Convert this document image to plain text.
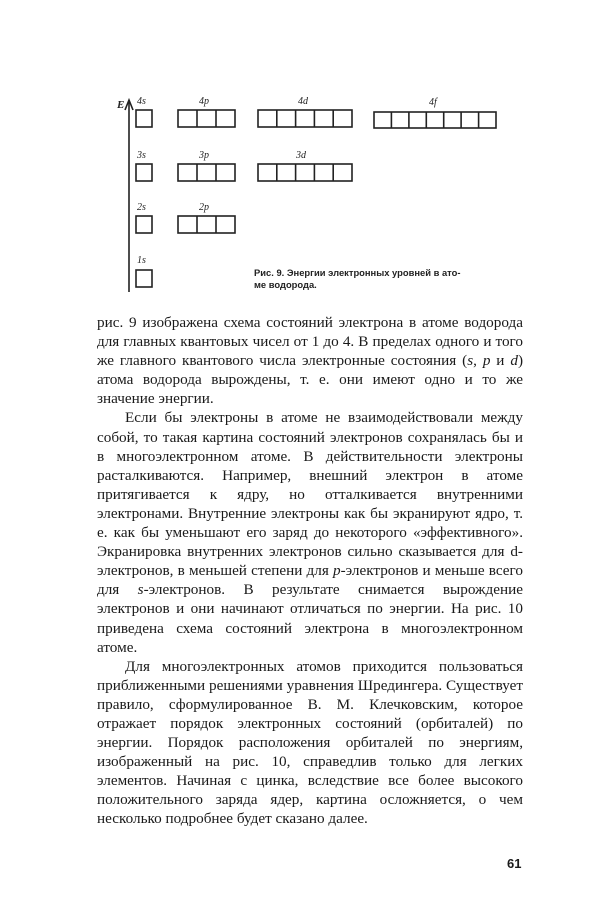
E 4s	4p	4d	4f
3s	3p	3d
2s	2p
1s
Рис. 9. Энергии электронных уровней в ато-
ме водорода.

рис. 9 изображена схема состояний электрона в атоме водорода для главных квантовых чисел от 1 до 4. В пределах одного и того же главного квантового числа электронные состояния (s, p и d) атома водорода вырождены, т. е. они имеют одно и то же значение энергии.

Если бы электроны в атоме не взаимодействовали между собой, то такая картина состояний электронов сохранялась бы и в многоэлектронном атоме. В действительности электроны расталкиваются. Например, внешний электрон в атоме притягивается к ядру, но отталкивается внутренними электронами. Внутренние электроны как бы экранируют ядро, т. е. как бы уменьшают его заряд до некоторого «эффективного». Экранировка внутренних электронов сильно сказывается для d-электронов, в меньшей степени для p-электронов и меньше всего для s-электронов. В результате снимается вырождение электронов и они начинают отличаться по энергии. На рис. 10 приведена схема состояний электрона в многоэлектронном атоме.

Для многоэлектронных атомов приходится пользоваться приближенными решениями уравнения Шредингера. Существует правило, сформулированное В. М. Клечковским, которое отражает порядок электронных состояний (орбиталей) по энергии. Порядок расположения орбиталей по энергиям, изображенный на рис. 10, справедлив только для легких элементов. Начиная с цинка, вследствие все более высокого положительного заряда ядер, картина осложняется, о чем несколько подробнее будет сказано далее.

61
